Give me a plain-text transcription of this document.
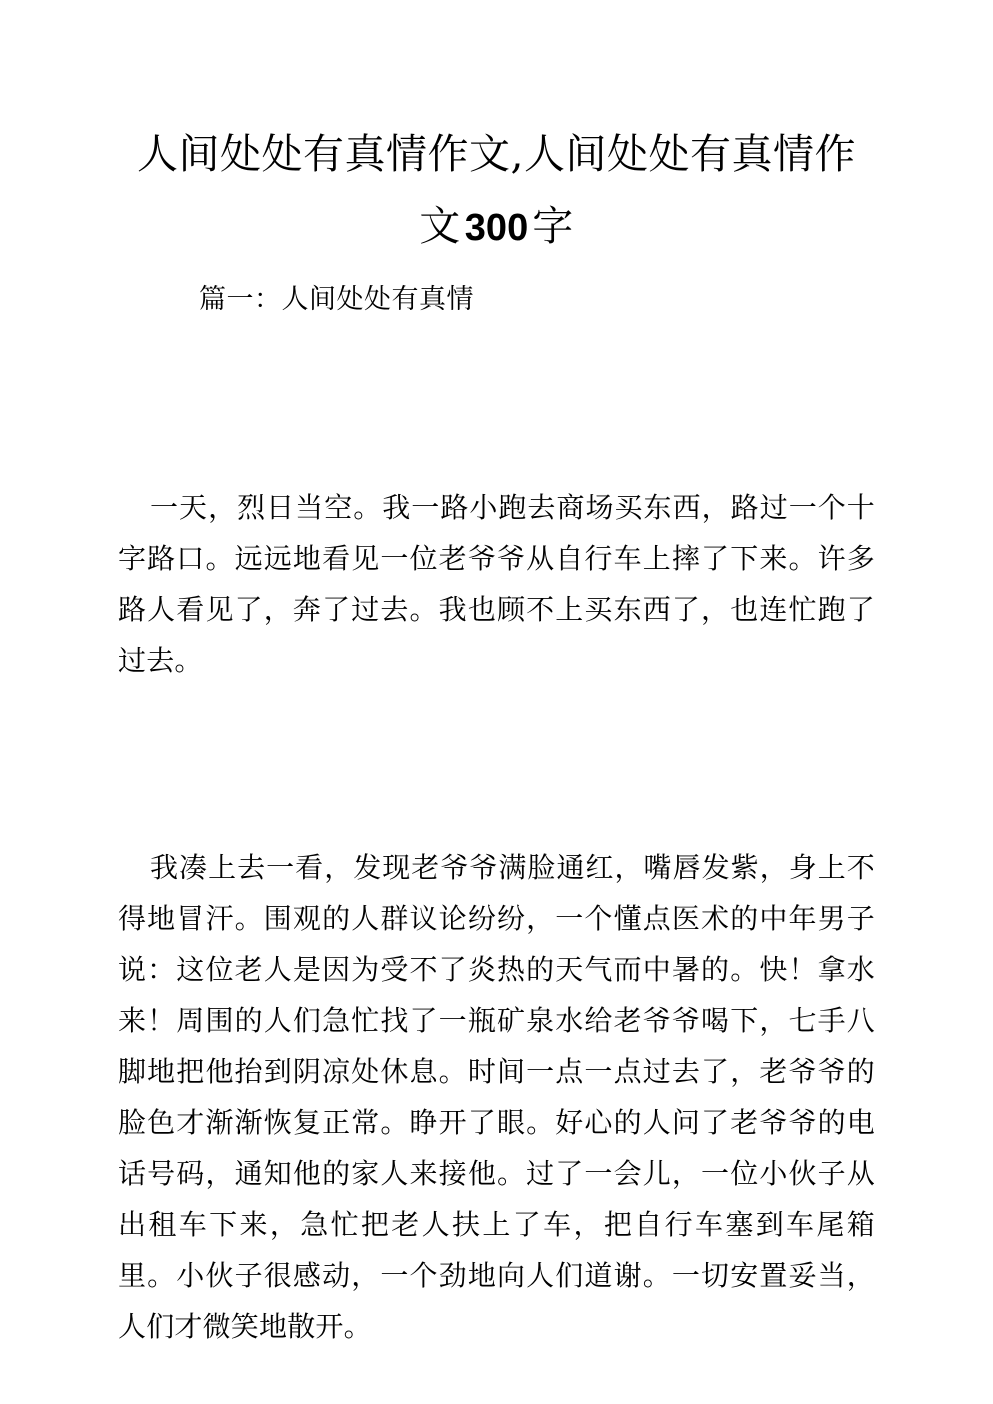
人间处处有真情作文,人间处处有真情作文 300字

篇一：人间处处有真情

一天，烈日当空。我一路小跑去商场买东西，路过一个十字路口。远远地看见一位老爷爷从自行车上摔了下来。许多路人看见了，奔了过去。我也顾不上买东西了，也连忙跑了过去。

我凑上去一看，发现老爷爷满脸通红，嘴唇发紫，身上不得地冒汗。围观的人群议论纷纷，一个懂点医术的中年男子说：这位老人是因为受不了炎热的天气而中暑的。快！拿水来！周围的人们急忙找了一瓶矿泉水给老爷爷喝下，七手八脚地把他抬到阴凉处休息。时间一点一点过去了，老爷爷的脸色才渐渐恢复正常。睁开了眼。好心的人问了老爷爷的电话号码，通知他的家人来接他。过了一会儿，一位小伙子从出租车下来，急忙把老人扶上了车，把自行车塞到车尾箱里。小伙子很感动，一个劲地向人们道谢。一切安置妥当，人们才微笑地散开。
